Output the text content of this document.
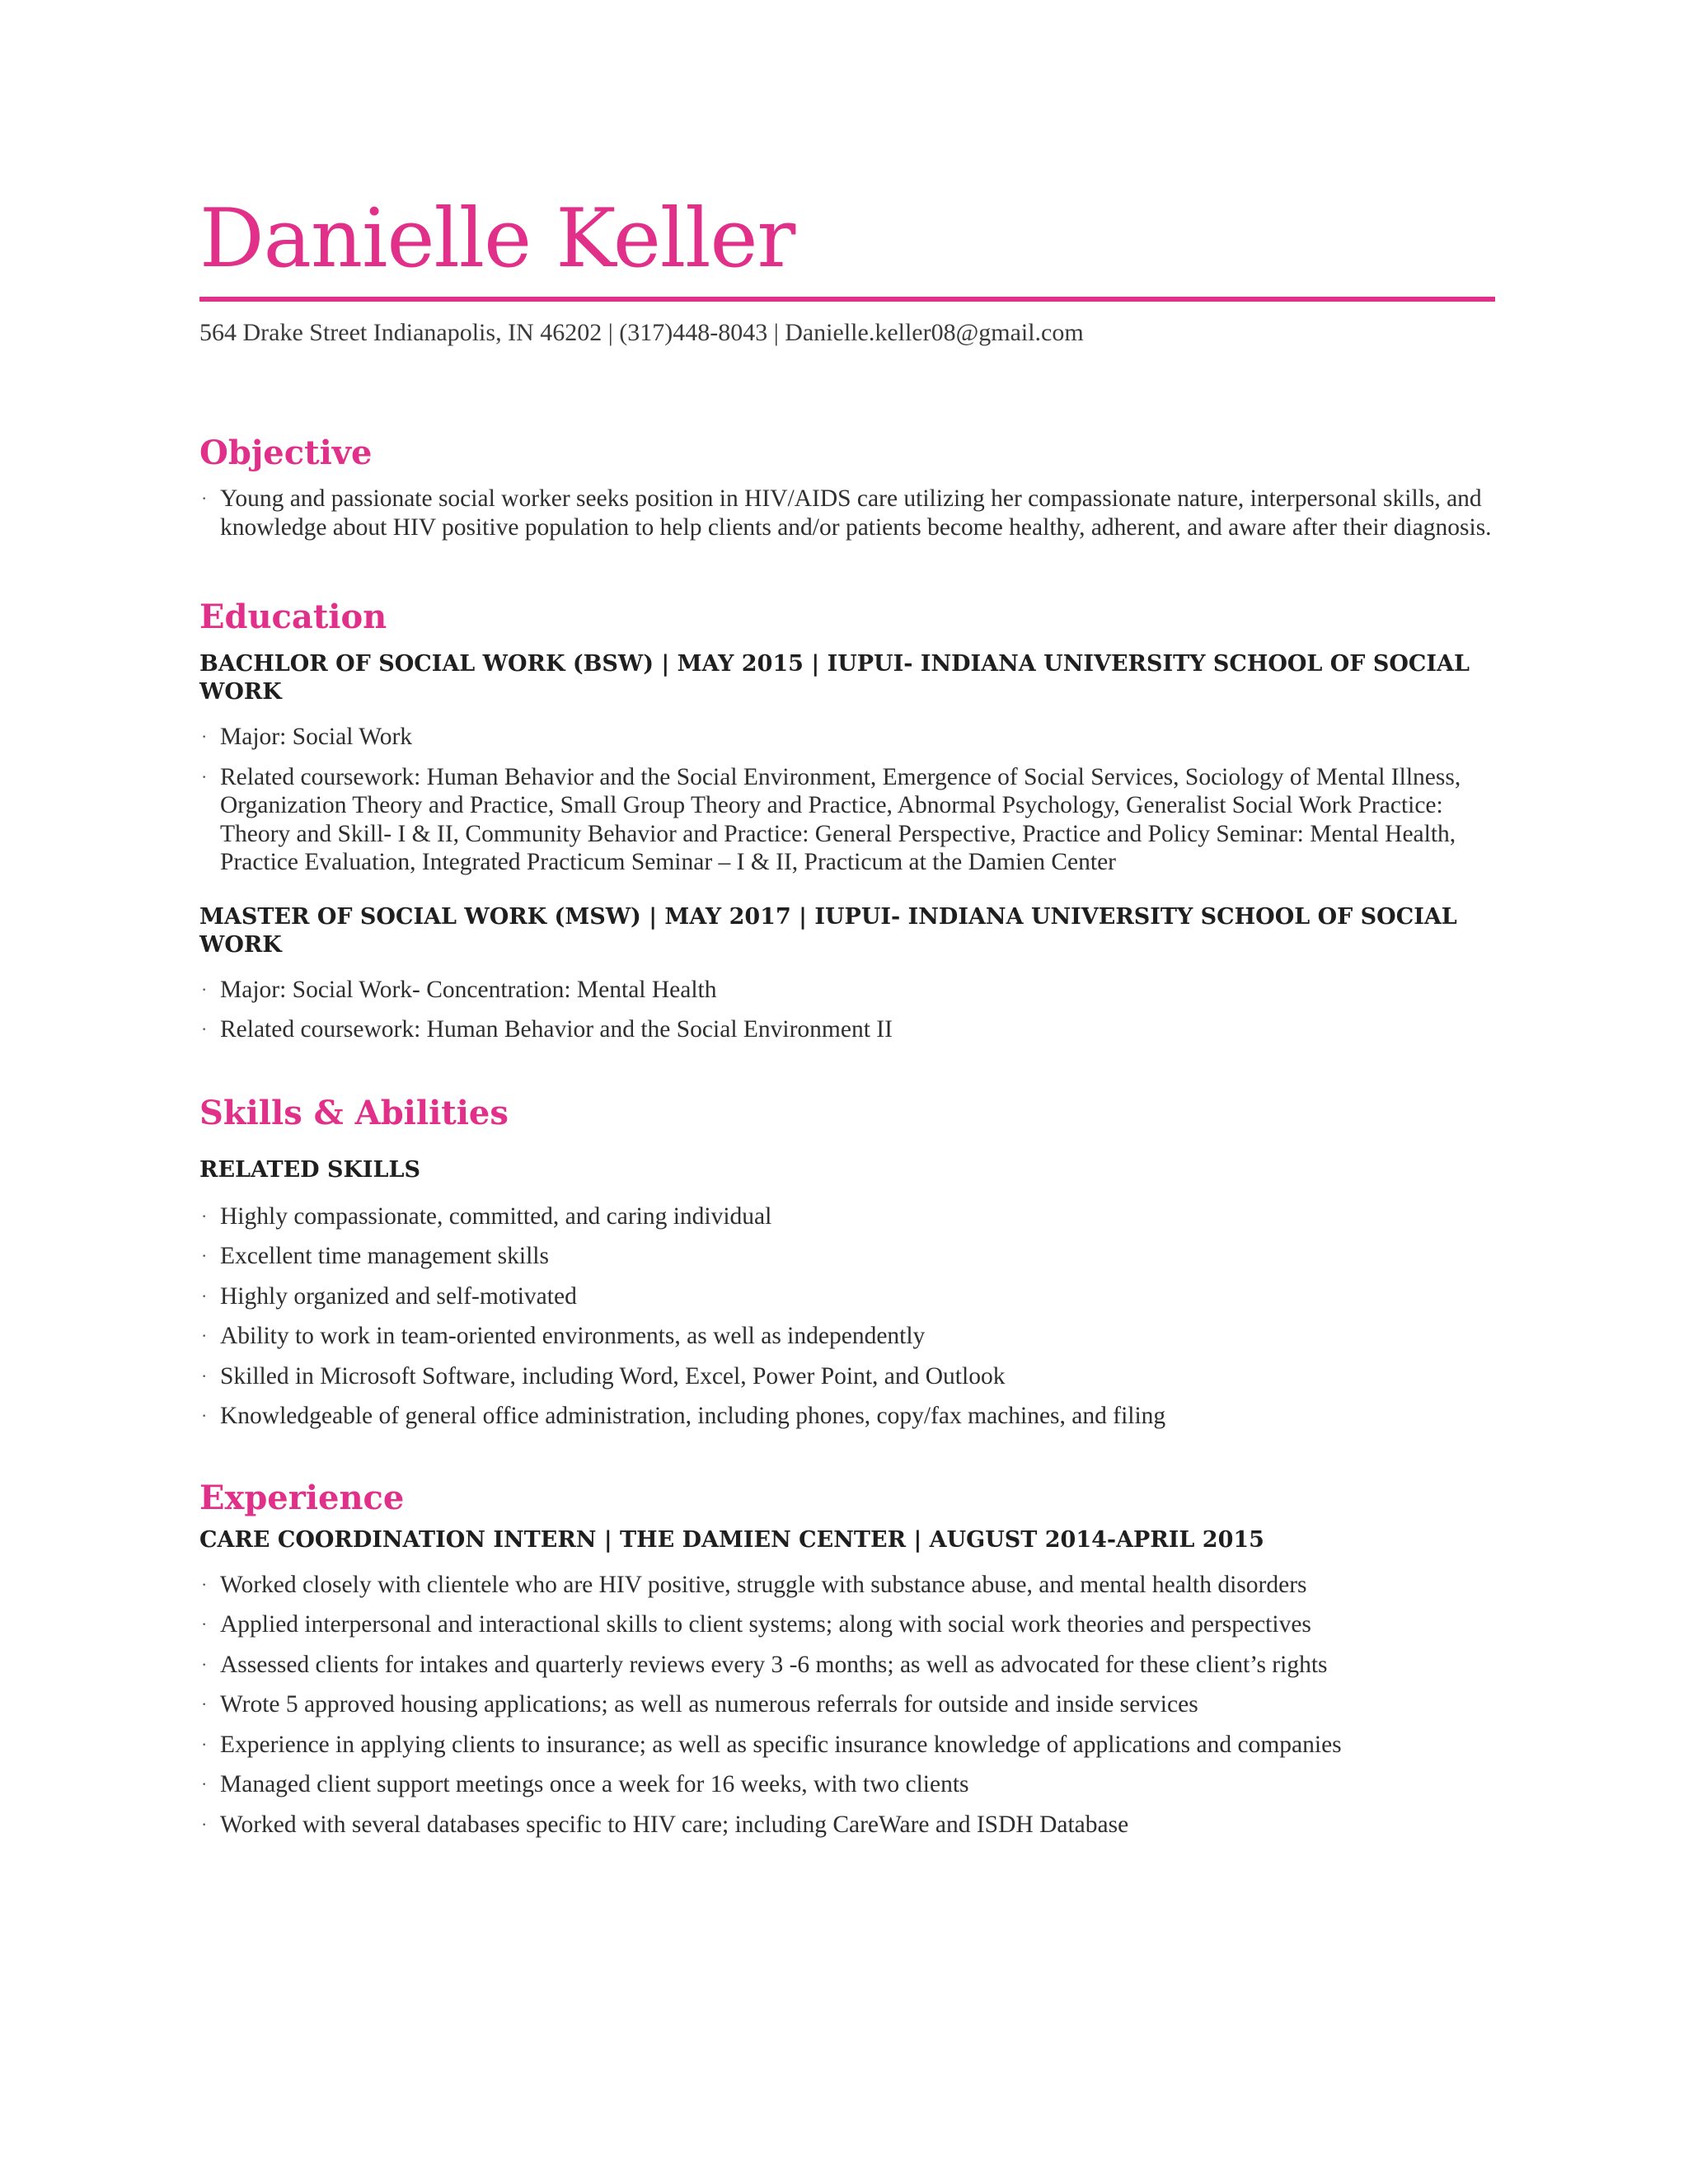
Danielle Keller
564 Drake Street Indianapolis, IN 46202 | (317)448-8043 | Danielle.keller08@gmail.com
Objective
· Young and passionate social worker seeks position in HIV/AIDS care utilizing her compassionate nature, interpersonal skills, and knowledge about HIV positive population to help clients and/or patients become healthy, adherent, and aware after their diagnosis.
Education
BACHLOR OF SOCIAL WORK (BSW) | MAY 2015 | IUPUI- INDIANA UNIVERSITY SCHOOL OF SOCIAL WORK
· Major: Social Work
· Related coursework: Human Behavior and the Social Environment, Emergence of Social Services, Sociology of Mental Illness, Organization Theory and Practice, Small Group Theory and Practice, Abnormal Psychology, Generalist Social Work Practice: Theory and Skill- I & II, Community Behavior and Practice: General Perspective, Practice and Policy Seminar: Mental Health, Practice Evaluation, Integrated Practicum Seminar – I & II, Practicum at the Damien Center
MASTER OF SOCIAL WORK (MSW) | MAY 2017 | IUPUI- INDIANA UNIVERSITY SCHOOL OF SOCIAL WORK
· Major: Social Work- Concentration: Mental Health
· Related coursework: Human Behavior and the Social Environment II
Skills & Abilities
RELATED SKILLS
· Highly compassionate, committed, and caring individual
· Excellent time management skills
· Highly organized and self-motivated
· Ability to work in team-oriented environments, as well as independently
· Skilled in Microsoft Software, including Word, Excel, Power Point, and Outlook
· Knowledgeable of general office administration, including phones, copy/fax machines, and filing
Experience
CARE COORDINATION INTERN | THE DAMIEN CENTER | AUGUST 2014-APRIL 2015
· Worked closely with clientele who are HIV positive, struggle with substance abuse, and mental health disorders
· Applied interpersonal and interactional skills to client systems; along with social work theories and perspectives
· Assessed clients for intakes and quarterly reviews every 3 -6 months; as well as advocated for these client’s rights
· Wrote 5 approved housing applications; as well as numerous referrals for outside and inside services
· Experience in applying clients to insurance; as well as specific insurance knowledge of applications and companies
· Managed client support meetings once a week for 16 weeks, with two clients
· Worked with several databases specific to HIV care; including CareWare and ISDH Database
